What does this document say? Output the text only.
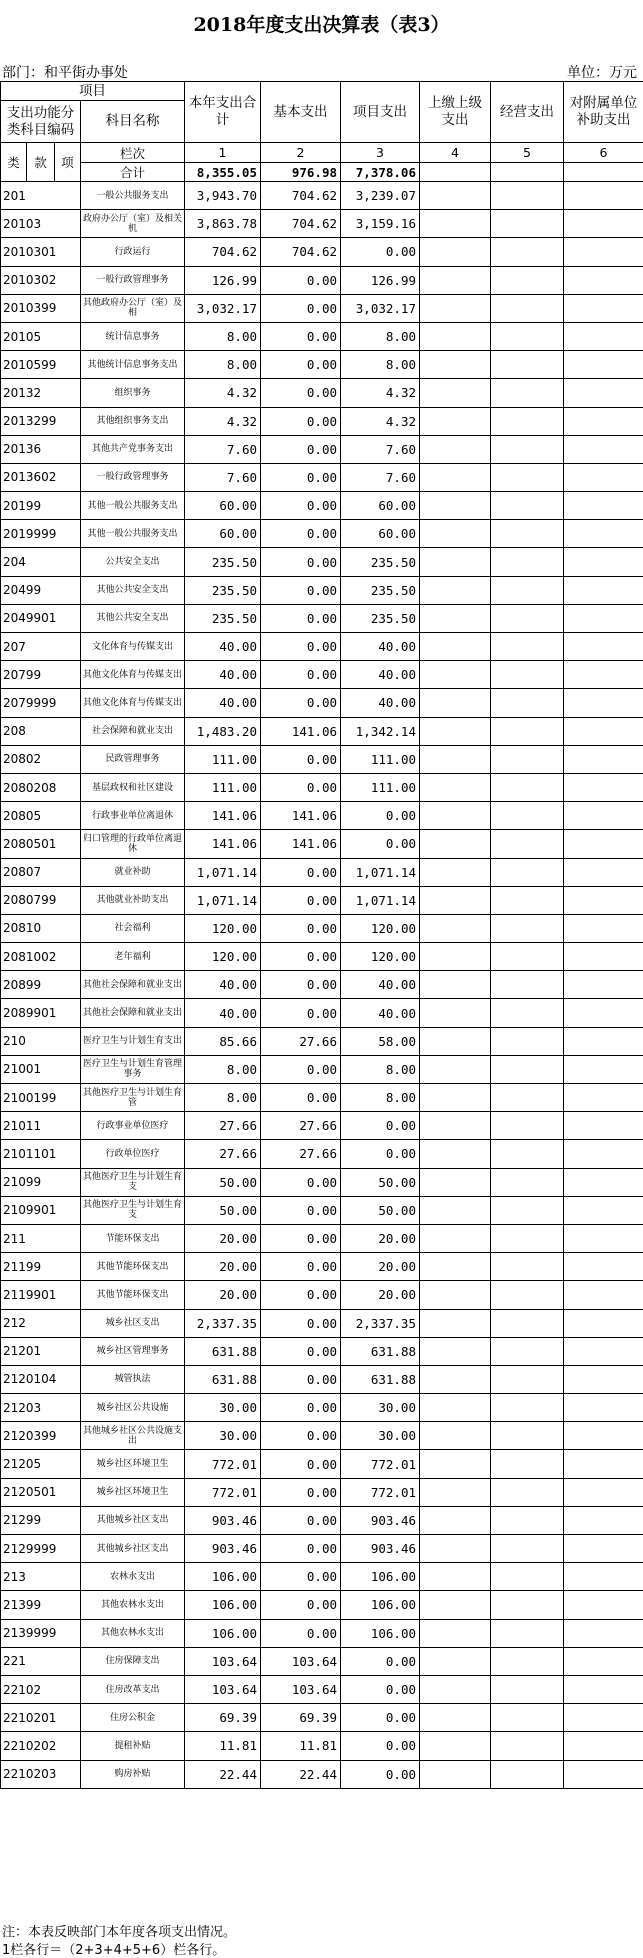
2018年度支出决算表（表3）
部门：和平街办事处	单位：万元
项目				本年支出合计	基本支出	项目支出	上缴上级支出	经营支出	对附属单位补助支出
支出功能分类科目编码			科目名称						

类	款	项	栏次	1	2	3	4	5	6
			合计	8,355.05	976.98	7,378.06			
201			一般公共服务支出	3,943.70	704.62	3,239.07			
20103			政府办公厅（室）及相关机	3,863.78	704.62	3,159.16			
2010301			行政运行	704.62	704.62	0.00			
2010302			一般行政管理事务	126.99	0.00	126.99			
2010399			其他政府办公厅（室）及相	3,032.17	0.00	3,032.17			
20105			统计信息事务	8.00	0.00	8.00			
2010599			其他统计信息事务支出	8.00	0.00	8.00			
20132			组织事务	4.32	0.00	4.32			
2013299			其他组织事务支出	4.32	0.00	4.32			
20136			其他共产党事务支出	7.60	0.00	7.60			
2013602			一般行政管理事务	7.60	0.00	7.60			
20199			其他一般公共服务支出	60.00	0.00	60.00			
2019999			其他一般公共服务支出	60.00	0.00	60.00			
204			公共安全支出	235.50	0.00	235.50			
20499			其他公共安全支出	235.50	0.00	235.50			
2049901			其他公共安全支出	235.50	0.00	235.50			
207			文化体育与传媒支出	40.00	0.00	40.00			
20799			其他文化体育与传媒支出	40.00	0.00	40.00			
2079999			其他文化体育与传媒支出	40.00	0.00	40.00			
208			社会保障和就业支出	1,483.20	141.06	1,342.14			
20802			民政管理事务	111.00	0.00	111.00			
2080208			基层政权和社区建设	111.00	0.00	111.00			
20805			行政事业单位离退休	141.06	141.06	0.00			
2080501			归口管理的行政单位离退休	141.06	141.06	0.00			
20807			就业补助	1,071.14	0.00	1,071.14			
2080799			其他就业补助支出	1,071.14	0.00	1,071.14			
20810			社会福利	120.00	0.00	120.00			
2081002			老年福利	120.00	0.00	120.00			
20899			其他社会保障和就业支出	40.00	0.00	40.00			
2089901			其他社会保障和就业支出	40.00	0.00	40.00			
210			医疗卫生与计划生育支出	85.66	27.66	58.00			
21001			医疗卫生与计划生育管理事务	8.00	0.00	8.00			
2100199			其他医疗卫生与计划生育管	8.00	0.00	8.00			
21011			行政事业单位医疗	27.66	27.66	0.00			
2101101			行政单位医疗	27.66	27.66	0.00			
21099			其他医疗卫生与计划生育支	50.00	0.00	50.00			
2109901			其他医疗卫生与计划生育支	50.00	0.00	50.00			
211			节能环保支出	20.00	0.00	20.00			
21199			其他节能环保支出	20.00	0.00	20.00			
2119901			其他节能环保支出	20.00	0.00	20.00			
212			城乡社区支出	2,337.35	0.00	2,337.35			
21201			城乡社区管理事务	631.88	0.00	631.88			
2120104			城管执法	631.88	0.00	631.88			
21203			城乡社区公共设施	30.00	0.00	30.00			
2120399			其他城乡社区公共设施支出	30.00	0.00	30.00			
21205			城乡社区环境卫生	772.01	0.00	772.01			
2120501			城乡社区环境卫生	772.01	0.00	772.01			
21299			其他城乡社区支出	903.46	0.00	903.46			
2129999			其他城乡社区支出	903.46	0.00	903.46			
213			农林水支出	106.00	0.00	106.00			
21399			其他农林水支出	106.00	0.00	106.00			
2139999			其他农林水支出	106.00	0.00	106.00			
221			住房保障支出	103.64	103.64	0.00			
22102			住房改革支出	103.64	103.64	0.00			
2210201			住房公积金	69.39	69.39	0.00			
2210202			提租补贴	11.81	11.81	0.00			
2210203			购房补贴	22.44	22.44	0.00			
注：本表反映部门本年度各项支出情况。
1栏各行＝（2+3+4+5+6）栏各行。
